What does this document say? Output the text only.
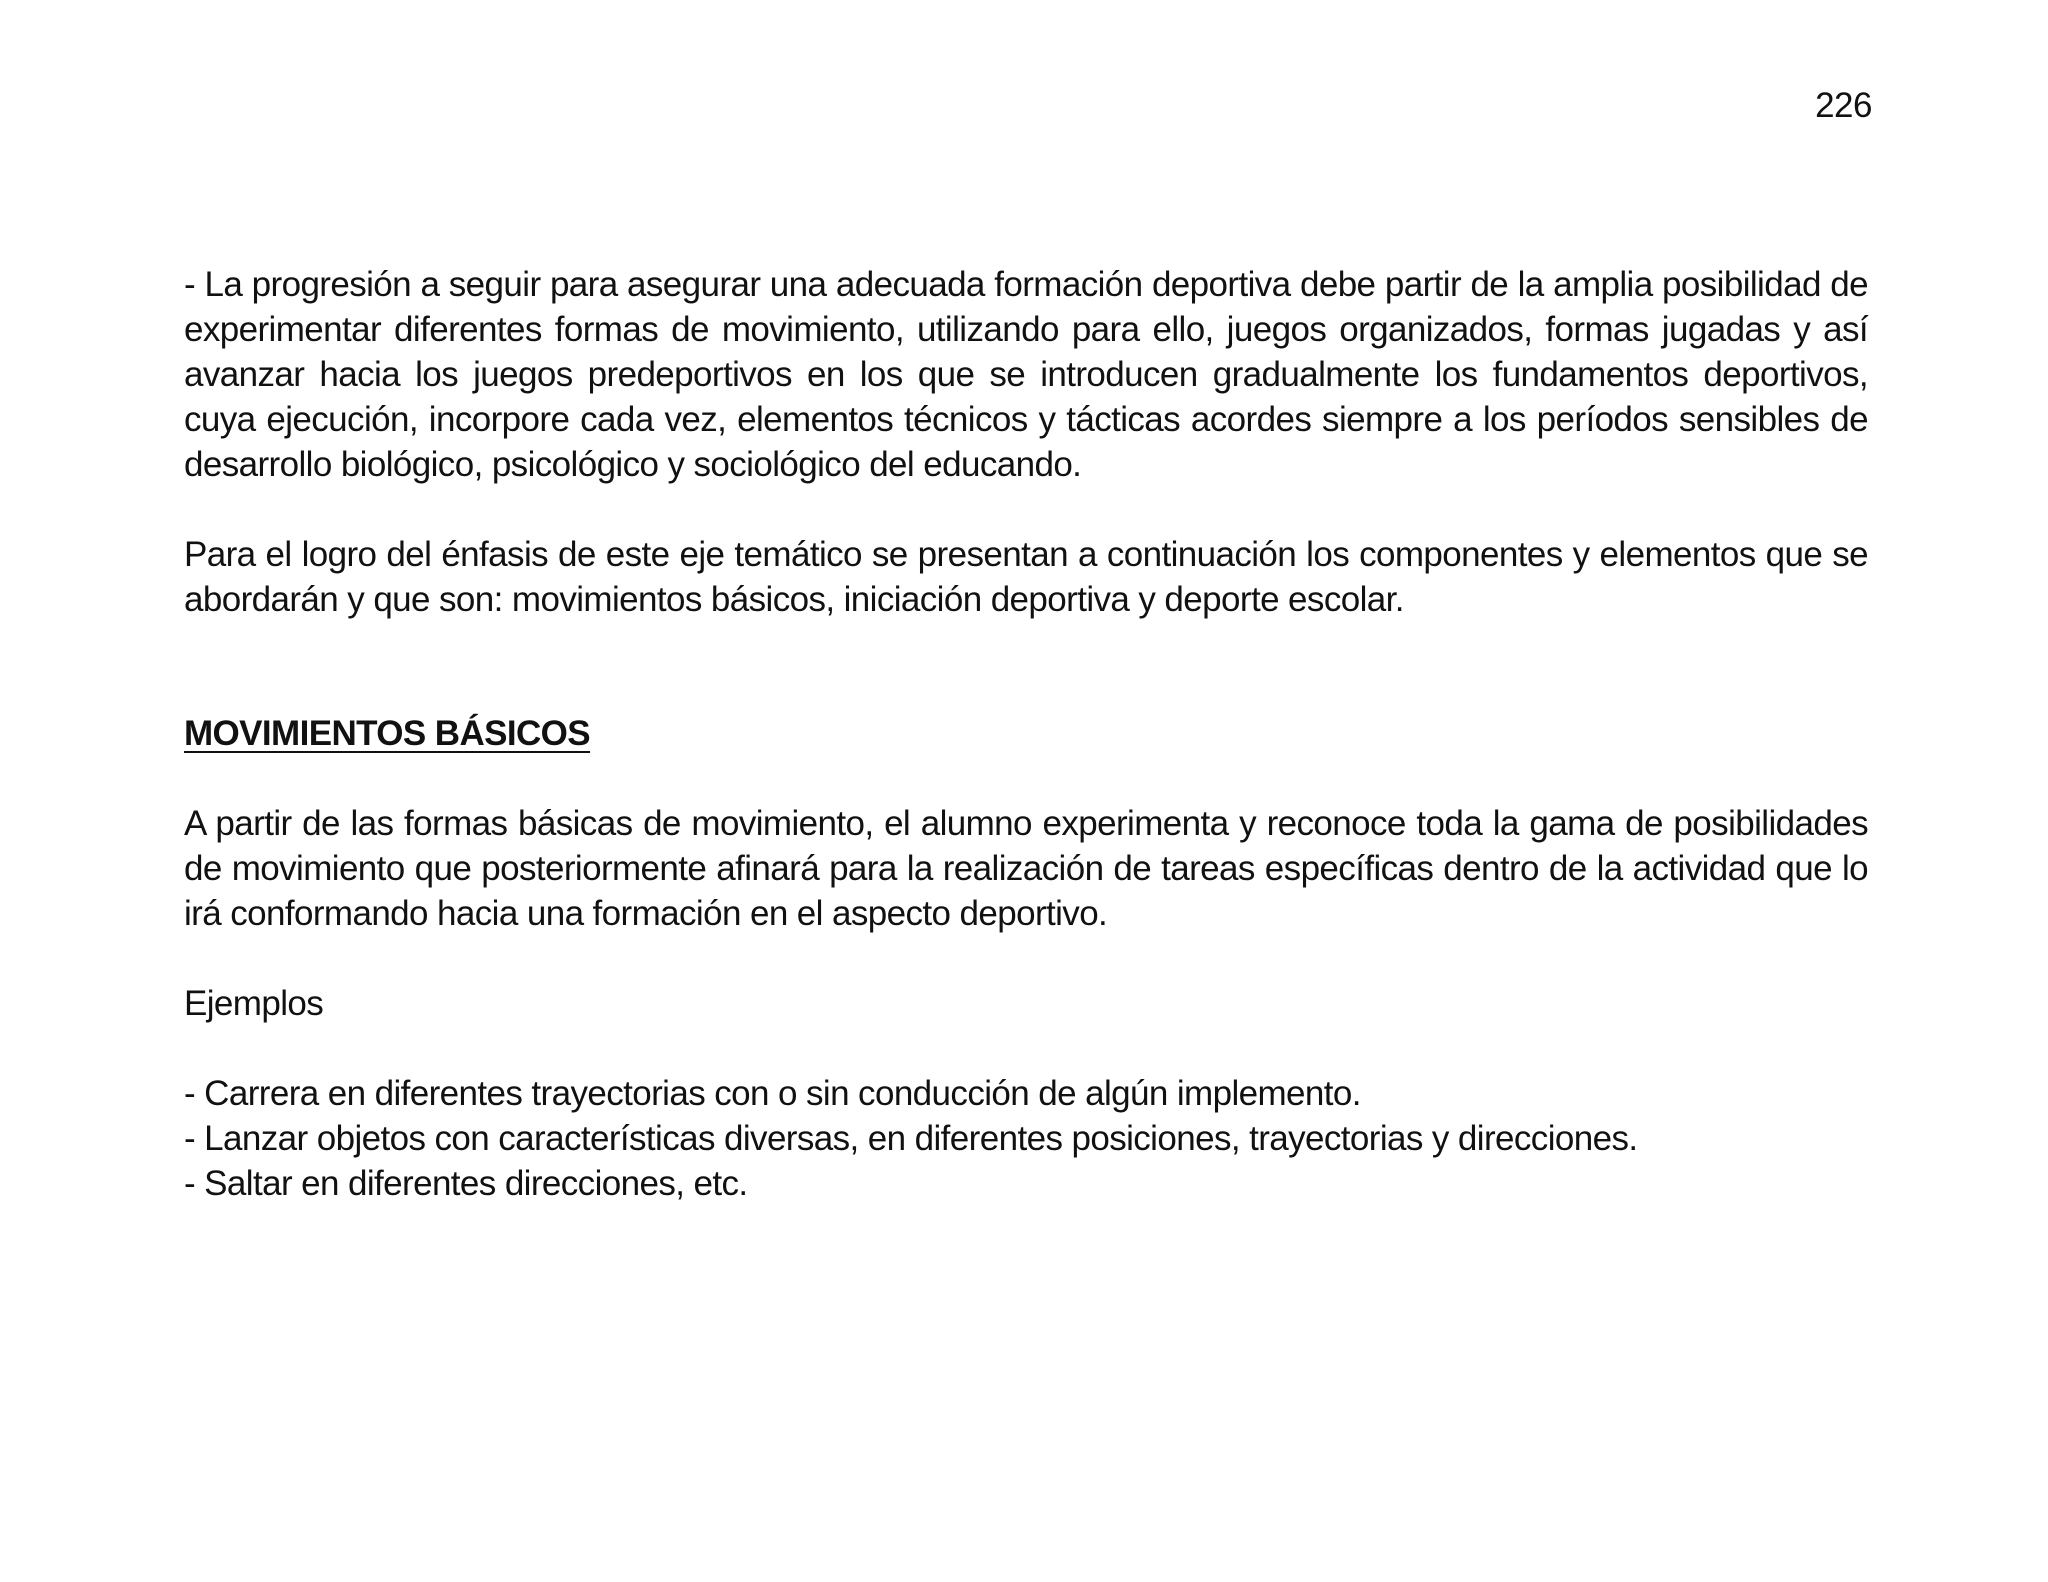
226

- La progresión a seguir para asegurar una adecuada formación deportiva debe partir de la amplia posibilidad de experimentar diferentes formas de movimiento, utilizando para ello, juegos organizados, formas jugadas y así avanzar hacia los juegos predeportivos en los que se introducen gradualmente los fundamentos deportivos, cuya ejecución, incorpore cada vez, elementos técnicos y tácticas acordes siempre a los períodos sensibles de desarrollo biológico, psicológico y sociológico del educando.

Para el logro del énfasis de este eje temático se presentan a continuación los componentes y elementos que se abordarán y que son: movimientos básicos, iniciación deportiva y deporte escolar.

MOVIMIENTOS BÁSICOS

A partir de las formas básicas de movimiento, el alumno experimenta y reconoce toda la gama de posibilidades de movimiento que posteriormente afinará para la realización de tareas específicas dentro de la actividad que lo irá conformando hacia una formación en el aspecto deportivo.

Ejemplos

- Carrera en diferentes trayectorias con o sin conducción de algún implemento.
- Lanzar objetos con características diversas, en diferentes posiciones, trayectorias y direcciones.
- Saltar en diferentes direcciones, etc.
